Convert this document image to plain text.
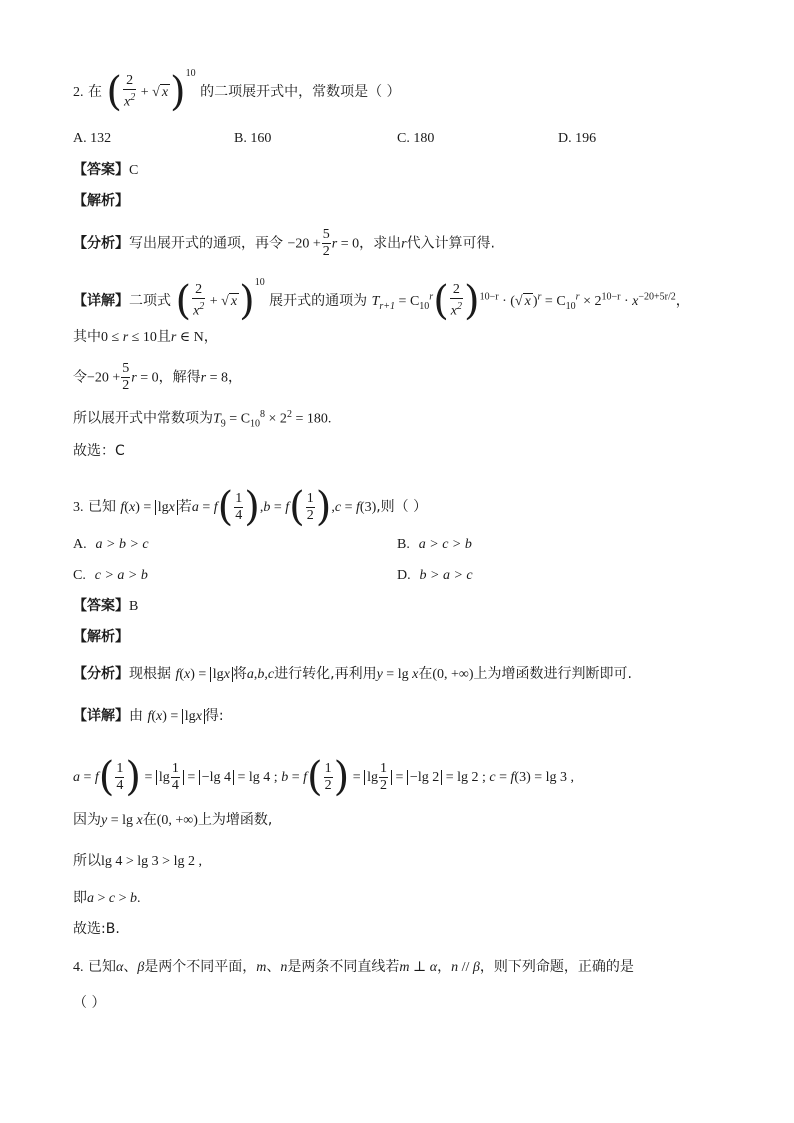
2. 在 ( $\frac{2}{x^2}$ + √ x)$^{10}$ 的二项展开式中，常数项是（ ）
A. 132	B. 160	C. 180	D. 196
【答案】C
【解析】
【分析】写出展开式的通项，再令 $-20 + \frac{5}{2}$ r = 0，求出r代入计算可得.
【详解】二项式 ( $\frac{2}{x^2}$ + √ x)$^{10}$ 展开式的通项为 $T_{r+1} = C_{10}^r( \frac{2}{x^2} )^{10-r}$ · (√ x )$^r = C_{10}^r \times 2^{10-r} \cdot x^{-20+5r/2}$，
其中0 ≤ r ≤ 10且r ∈ N，
令$-20 + \frac{5}{2}$ r = 0，解得r = 8，
所以展开式中常数项为$T_9 = C_{10}^8 \times 2^2 = 180$.
故选：C
3. 已知 f(x) = lgx 若$a = f( \frac{1}{4} ),b = f( \frac{1}{2} ),c = f(3)$,则（ ）
A. a > b > c	B. a > c > b
C. c > a > b	D. b > a > c
【答案】B
【解析】
【分析】现根据 f(x) = lgx 将a,b,c进行转化,再利用y = lg x在(0, +∞)上为增函数进行判断即可.
【详解】由 f(x) = lgx 得:
$a = f( \frac{1}{4}$ ) = $\lg \frac{1}{4} = -\lg$ 4 = lg 4 ; $b = f( \frac{1}{2}$ ) = $\lg \frac{1}{2} = -\lg$ 2 = lg 2 ; c = f(3) = lg 3 ,
因为y = lg x在(0, +∞)上为增函数,
所以lg 4 > lg 3 > lg 2 ,
即a > c > b.
故选:B.
4. 已知α、β是两个不同平面，m、n是两条不同直线若m ⊥ α，n // β，则下列命题，正确的是
（ ）
